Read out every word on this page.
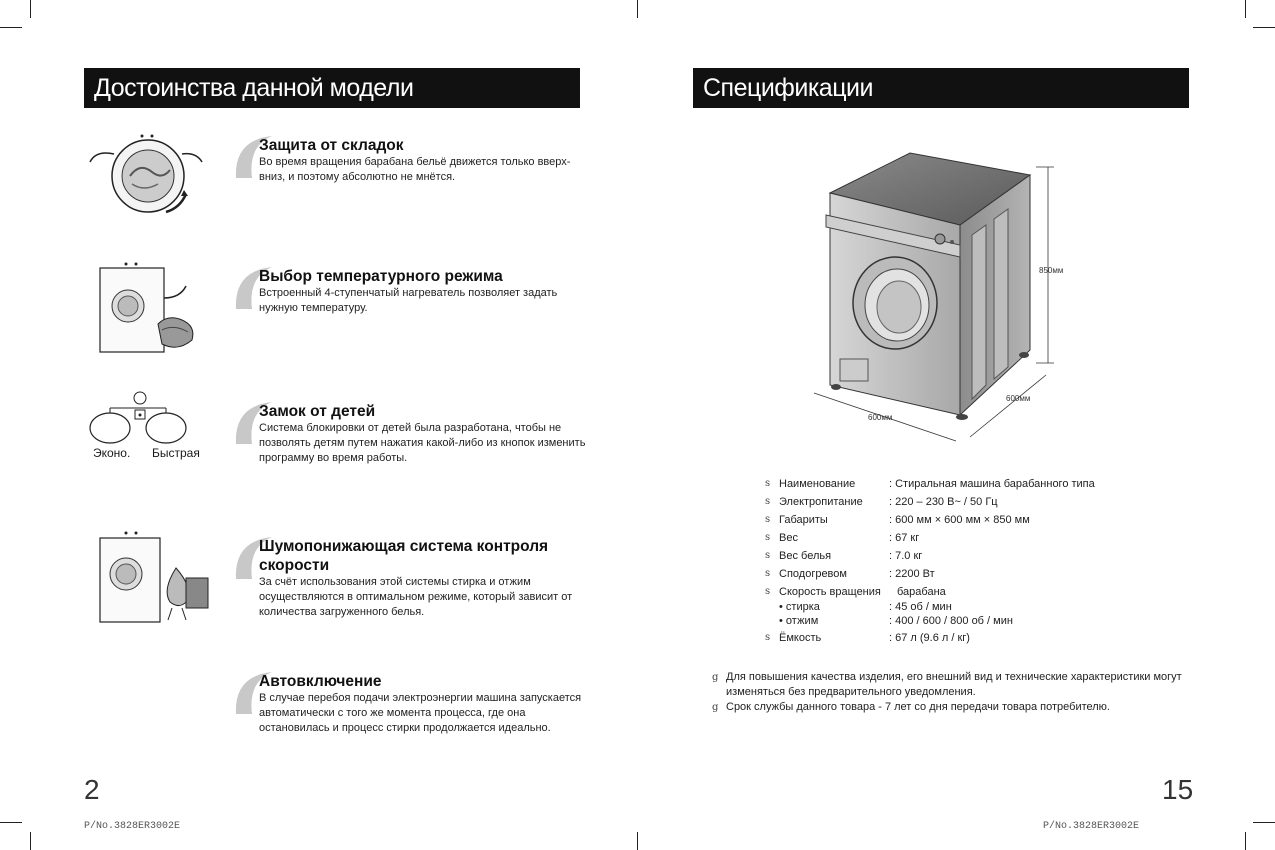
Достоинства данной модели
Эконо. Быстрая
Защита от складок
Во время вращения барабана бельё движется только вверх-вниз, и поэтому абсолютно не мнётся.
Выбор температурного режима
Встроенный 4-ступенчатый нагреватель позволяет задать нужную температуру.
Замок от детей
Система блокировки от детей была разработана, чтобы не позволять детям путем нажатия какой-либо из кнопок изменить программу во время работы.
Шумопонижающая система контроля скорости
За счёт использования этой системы стирка и отжим осуществляются в оптимальном режиме, который зависит от количества загруженного белья.
Автовключение
В случае перебоя подачи электроэнергии машина запускается автоматически с того же момента процесса, где она остановилась и процесс стирки продолжается идеально.
2
P/No.3828ER3002E
Спецификации
850мм
600мм
600мм
s Наименование	: Стиральная машина барабанного типа
s Электропитание : 220 – 230 В~ / 50 Гц
s Габариты	: 600 мм × 600 мм × 850 мм
s Вес	: 67 кг
s Вес белья	: 7.0 кг
s Сподогревом	: 2200 Вт
s Скорость вращения барабана
• стирка	: 45 об / мин
• отжим	: 400 / 600 / 800 об / мин
s Ёмкость	: 67 л (9.6 л / кг)
g Для повышения качества изделия, его внешний вид и технические характеристики могут изменяться без предварительного уведомления.
g Срок службы данного товара - 7 лет со дня передачи товара потребителю.
15
P/No.3828ER3002E
